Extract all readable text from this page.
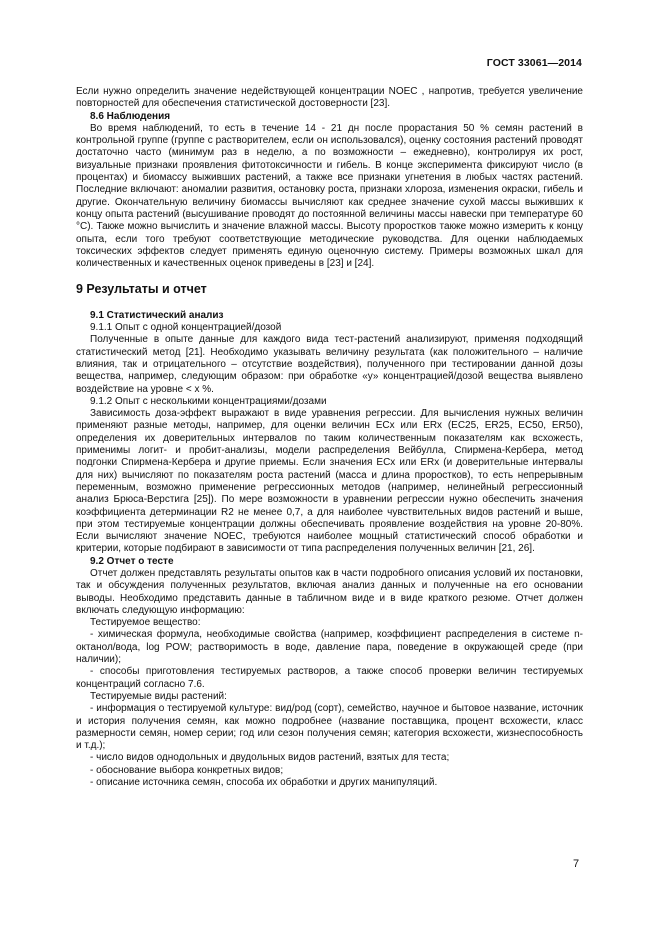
ГОСТ 33061—2014

Если нужно определить значение недействующей концентрации NOEC , напротив, требуется увеличение повторностей для обеспечения статистической достоверности [23].

8.6 Наблюдения

Во время наблюдений, то есть в течение 14 - 21 дн после прорастания 50 % семян растений в контрольной группе (группе с растворителем, если он использовался), оценку состояния растений проводят достаточно часто (минимум раз в неделю, а по возможности – ежедневно), контролируя их рост, визуальные признаки проявления фитотоксичности и гибель. В конце эксперимента фиксируют число (в процентах) и биомассу выживших растений, а также все признаки угнетения в любых частях растений. Последние включают: аномалии развития, остановку роста, признаки хлороза, изменения окраски, гибель и другие. Окончательную величину биомассы вычисляют как среднее значение сухой массы выживших к концу опыта растений (высушивание проводят до постоянной величины массы навески при температуре 60 °С). Также можно вычислить и значение влажной массы. Высоту проростков также можно измерить к концу опыта, если того требуют соответствующие методические руководства. Для оценки наблюдаемых токсических эффектов следует применять единую оценочную систему. Примеры возможных шкал для количественных и качественных оценок приведены в [23] и [24].

9 Результаты и отчет

9.1 Статистический анализ

9.1.1 Опыт с одной концентрацией/дозой

Полученные в опыте данные для каждого вида тест-растений анализируют, применяя подходящий статистический метод [21]. Необходимо указывать величину результата (как положительного – наличие влияния, так и отрицательного – отсутствие воздействия), полученного при тестировании данной дозы вещества, например, следующим образом: при обработке «у» концентрацией/дозой вещества выявлено воздействие на уровне < х %.

9.1.2 Опыт с несколькими концентрациями/дозами

Зависимость доза-эффект выражают в виде уравнения регрессии. Для вычисления нужных величин применяют разные методы, например, для оценки величин ECx или ERx (EC25, ER25, EC50, ER50), определения их доверительных интервалов по таким количественным показателям как всхожесть, применимы логит- и пробит-анализы, модели распределения Вейбулла, Спирмена-Кербера, метод подгонки Спирмена-Кербера и другие приемы. Если значения ECx или ERx (и доверительные интервалы для них) вычисляют по показателям роста растений (масса и длина проростков), то есть непрерывным переменным, возможно применение регрессионных методов (например, нелинейный регрессионный анализ Брюса-Верстига [25]). По мере возможности в уравнении регрессии нужно обеспечить значения коэффициента детерминации R2 не менее 0,7, а для наиболее чувствительных видов растений и выше, при этом тестируемые концентрации должны обеспечивать проявление воздействия на уровне 20-80%. Если вычисляют значение NOEC, требуются наиболее мощный статистический способ обработки и критерии, которые подбирают в зависимости от типа распределения полученных величин [21, 26].

9.2 Отчет о тесте

Отчет должен представлять результаты опытов как в части подробного описания условий их постановки, так и обсуждения полученных результатов, включая анализ данных и полученные на его основании выводы. Необходимо представить данные в табличном виде и в виде краткого резюме. Отчет должен включать следующую информацию:

Тестируемое вещество:

- химическая формула, необходимые свойства (например, коэффициент распределения в системе n-октанол/вода, log POW; растворимость в воде, давление пара, поведение в окружающей среде (при наличии);

- способы приготовления тестируемых растворов, а также способ проверки величин тестируемых концентраций согласно 7.6.

Тестируемые виды растений:

- информация о тестируемой культуре: вид/род (сорт), семейство, научное и бытовое название, источник и история получения семян, как можно подробнее (название поставщика, процент всхожести, класс размерности семян, номер серии; год или сезон получения семян; категория всхожести, жизнеспособность и т.д.);

- число видов однодольных и двудольных видов растений, взятых для теста;

- обоснование выбора конкретных видов;

- описание источника семян, способа их обработки и других манипуляций.

7
